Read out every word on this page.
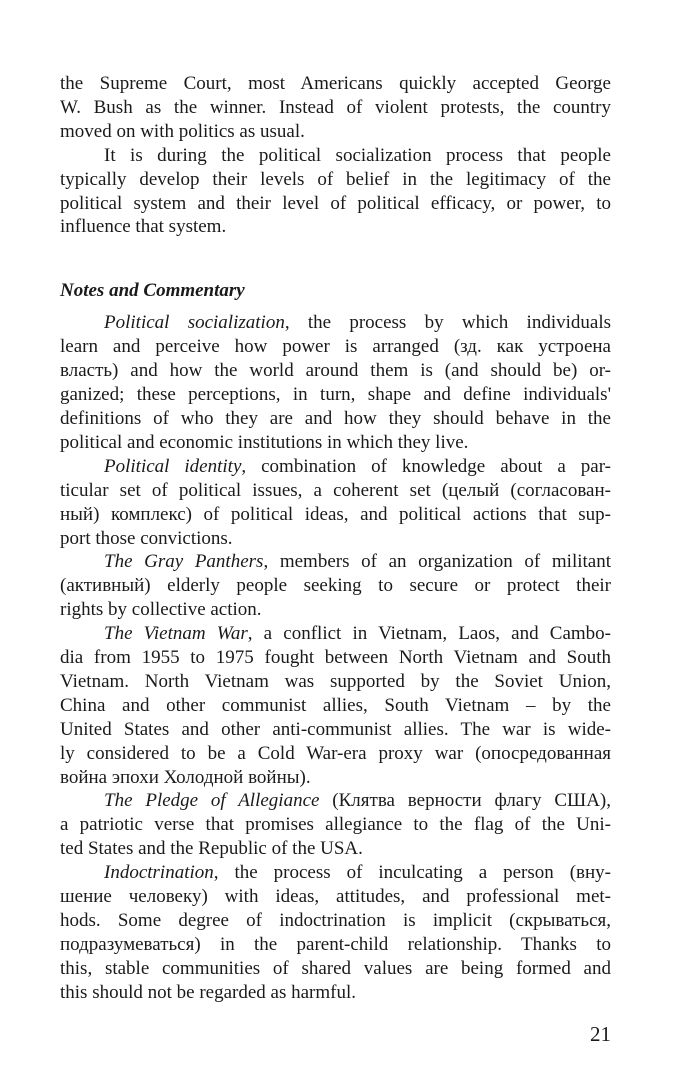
the Supreme Court, most Americans quickly accepted George
W. Bush as the winner. Instead of violent protests, the country
moved on with politics as usual.
It is during the political socialization process that people
typically develop their levels of belief in the legitimacy of the
political system and their level of political efficacy, or power, to
influence that system.
Notes and Commentary
Political socialization, the process by which individuals
learn and perceive how power is arranged (зд. как устроена
власть) and how the world around them is (and should be) or-
ganized; these perceptions, in turn, shape and define individuals'
definitions of who they are and how they should behave in the
political and economic institutions in which they live.
Political identity, combination of knowledge about a par-
ticular set of political issues, a coherent set (целый (согласован-
ный) комплекс) of political ideas, and political actions that sup-
port those convictions.
The Gray Panthers, members of an organization of militant
(активный) elderly people seeking to secure or protect their
rights by collective action.
The Vietnam War, a conflict in Vietnam, Laos, and Cambo-
dia from 1955 to 1975 fought between North Vietnam and South
Vietnam. North Vietnam was supported by the Soviet Union,
China and other communist allies, South Vietnam – by the
United States and other anti-communist allies. The war is wide-
ly considered to be a Cold War-era proxy war (опосредованная
война эпохи Холодной войны).
The Pledge of Allegiance (Клятва верности флагу США),
a patriotic verse that promises allegiance to the flag of the Uni-
ted States and the Republic of the USA.
Indoctrination, the process of inculcating a person (вну-
шение человеку) with ideas, attitudes, and professional met-
hods. Some degree of indoctrination is implicit (скрываться,
подразумеваться) in the parent-child relationship. Thanks to
this, stable communities of shared values are being formed and
this should not be regarded as harmful.
21
